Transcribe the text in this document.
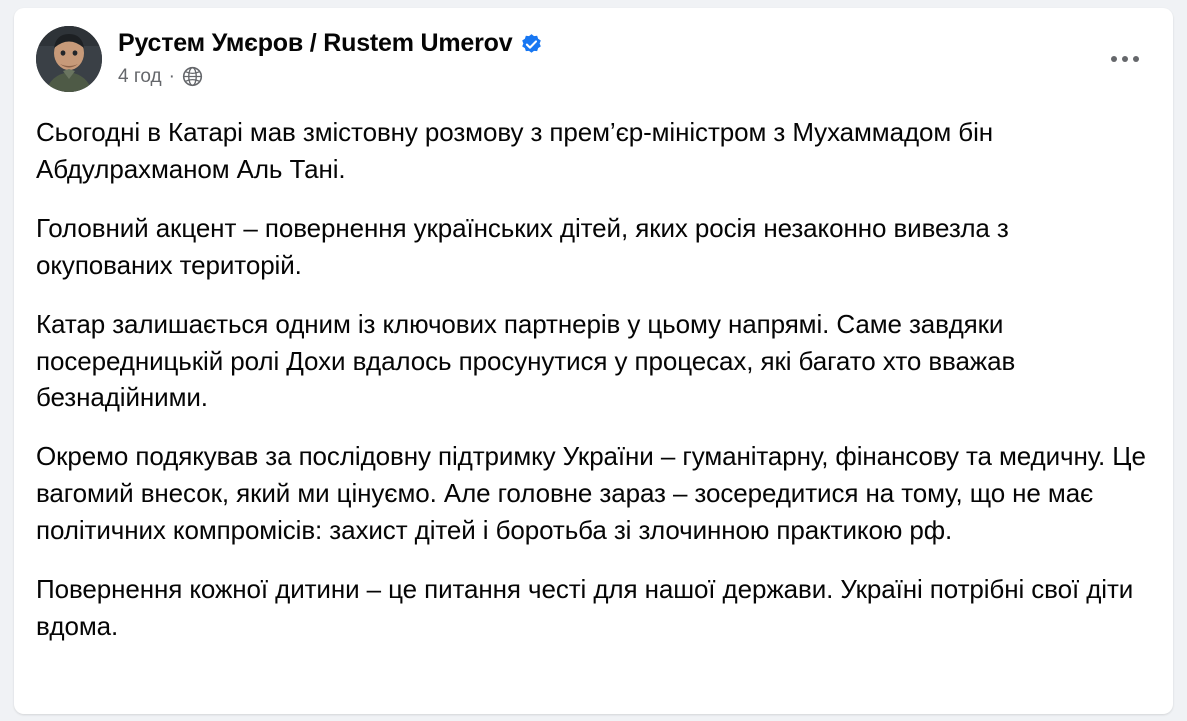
Рустем Умєров / Rustem Umerov
4 год ·

Сьогодні в Катарі мав змістовну розмову з прем’єр-міністром з Мухаммадом бін Абдулрахманом Аль Тані.

Головний акцент – повернення українських дітей, яких росія незаконно вивезла з окупованих територій.

Катар залишається одним із ключових партнерів у цьому напрямі. Саме завдяки посередницькій ролі Дохи вдалось просунутися у процесах, які багато хто вважав безнадійними.

Окремо подякував за послідовну підтримку України – гуманітарну, фінансову та медичну. Це вагомий внесок, який ми цінуємо. Але головне зараз – зосередитися на тому, що не має політичних компромісів: захист дітей і боротьба зі злочинною практикою рф.

Повернення кожної дитини – це питання честі для нашої держави. Україні потрібні свої діти вдома.
